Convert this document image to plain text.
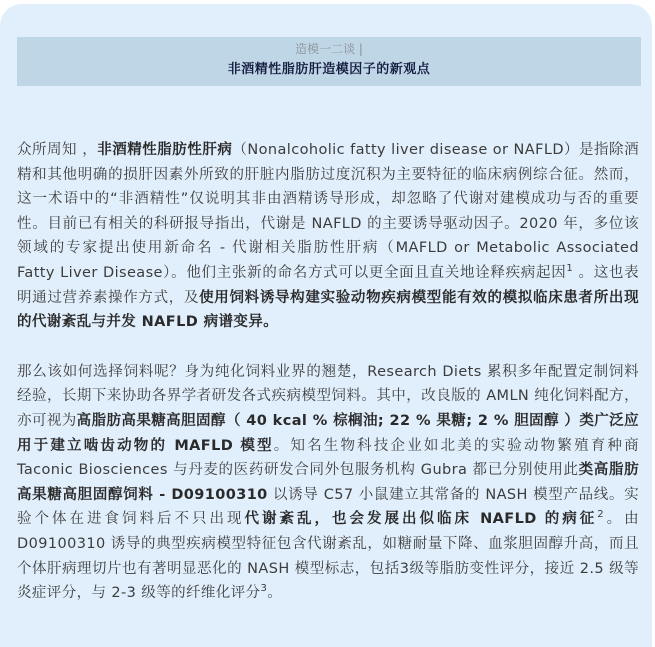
造模一二谈 |
非酒精性脂肪肝造模因子的新观点

众所周知 ，非酒精性脂肪性肝病（Nonalcoholic fatty liver disease or NAFLD）是指除酒精和其他明确的损肝因素外所致的肝脏内脂肪过度沉积为主要特征的临床病例综合征。然而，这一术语中的“非酒精性”仅说明其非由酒精诱导形成，却忽略了代谢对建模成功与否的重要性。目前已有相关的科研报导指出，代谢是 NAFLD 的主要诱导驱动因子。2020 年，多位该领域的专家提出使用新命名 - 代谢相关脂肪性肝病（MAFLD or Metabolic Associated Fatty Liver Disease）。他们主张新的命名方式可以更全面且直关地诠释疾病起因$^1$ 。这也表明通过营养素操作方式，及使用饲料诱导构建实验动物疾病模型能有效的模拟临床患者所出现的代谢紊乱与并发 NAFLD 病谱变异。

那么该如何选择饲料呢？身为纯化饲料业界的翘楚，Research Diets 累积多年配置定制饲料经验，长期下来协助各界学者研发各式疾病模型饲料。其中，改良版的 AMLN 纯化饲料配方，亦可视为高脂肪高果糖高胆固醇（ 40 kcal % 棕榈油; 22 % 果糖; 2 % 胆固醇 ）类广泛应用于建立啮齿动物的 MAFLD 模型。知名生物科技企业如北美的实验动物繁殖育种商 Taconic Biosciences 与丹麦的医药研发合同外包服务机构 Gubra 都已分别使用此类高脂肪高果糖高胆固醇饲料 - D09100310 以诱导 C57 小鼠建立其常备的 NASH 模型产品线。实验个体在进食饲料后不只出现代谢紊乱，也会发展出似临床 NAFLD 的病征$^2$。由 D09100310 诱导的典型疾病模型特征包含代谢紊乱，如糖耐量下降、血浆胆固醇升高，而且个体肝病理切片也有著明显恶化的 NASH 模型标志，包括3级等脂肪变性评分，接近 2.5 级等炎症评分，与 2-3 级等的纤维化评分$^3$。
